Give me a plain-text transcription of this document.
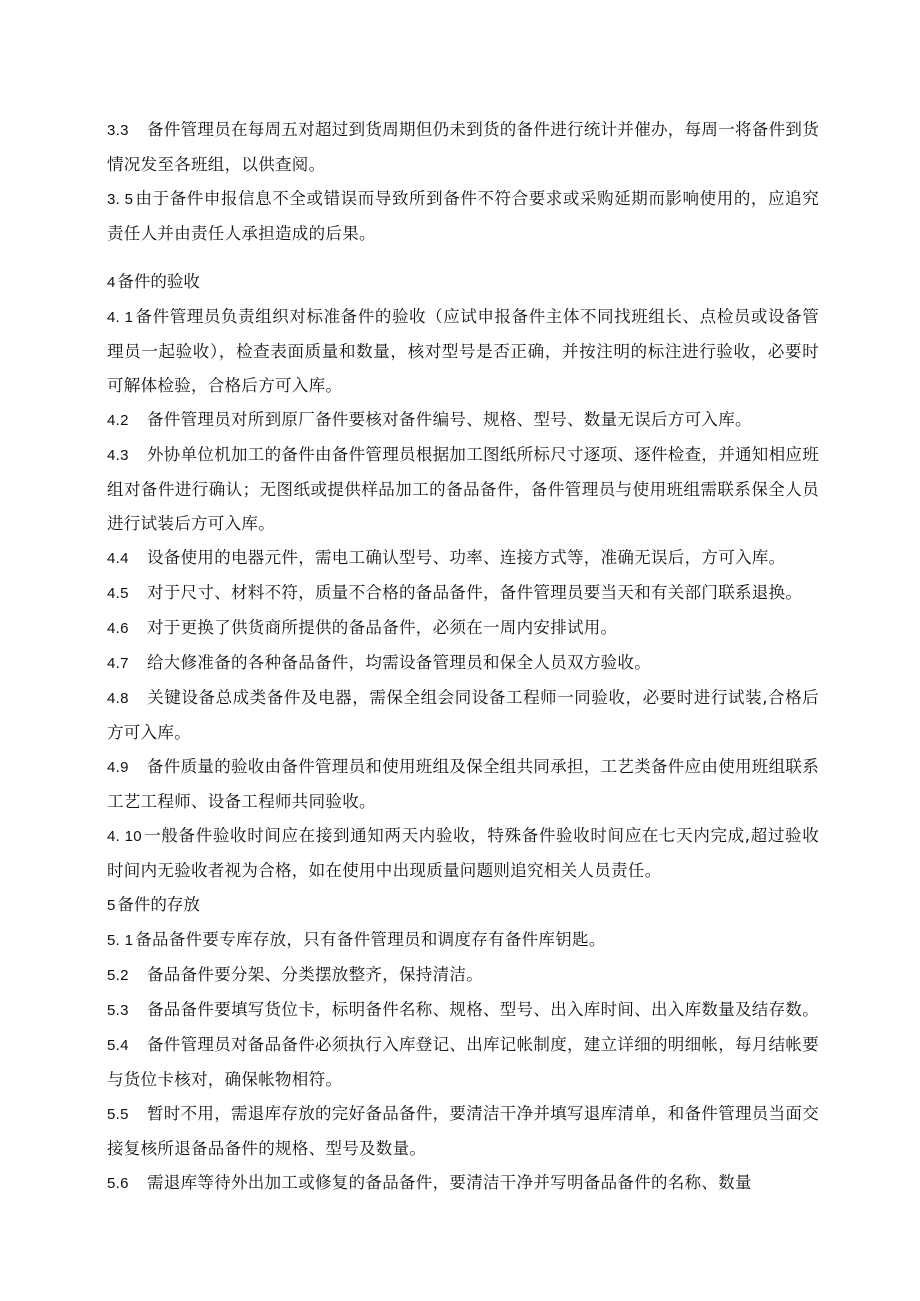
3.3 备件管理员在每周五对超过到货周期但仍未到货的备件进行统计并催办，每周一将备件到货情况发至各班组，以供查阅。

3. 5 由于备件申报信息不全或错误而导致所到备件不符合要求或采购延期而影响使用的，应追究责任人并由责任人承担造成的后果。

4 备件的验收

4. 1 备件管理员负责组织对标准备件的验收（应试申报备件主体不同找班组长、点检员或设备管理员一起验收），检查表面质量和数量，核对型号是否正确，并按注明的标注进行验收，必要时可解体检验，合格后方可入库。

4.2 备件管理员对所到原厂备件要核对备件编号、规格、型号、数量无误后方可入库。

4.3 外协单位机加工的备件由备件管理员根据加工图纸所标尺寸逐项、逐件检查，并通知相应班组对备件进行确认；无图纸或提供样品加工的备品备件，备件管理员与使用班组需联系保全人员进行试装后方可入库。

4.4 设备使用的电器元件，需电工确认型号、功率、连接方式等，准确无误后，方可入库。

4.5 对于尺寸、材料不符，质量不合格的备品备件，备件管理员要当天和有关部门联系退换。

4.6 对于更换了供货商所提供的备品备件，必须在一周内安排试用。

4.7 给大修准备的各种备品备件，均需设备管理员和保全人员双方验收。

4.8 关键设备总成类备件及电器，需保全组会同设备工程师一同验收，必要时进行试装,合格后方可入库。

4.9 备件质量的验收由备件管理员和使用班组及保全组共同承担，工艺类备件应由使用班组联系工艺工程师、设备工程师共同验收。

4. 10 一般备件验收时间应在接到通知两天内验收，特殊备件验收时间应在七天内完成,超过验收时间内无验收者视为合格，如在使用中出现质量问题则追究相关人员责任。

5 备件的存放

5. 1 备品备件要专库存放，只有备件管理员和调度存有备件库钥匙。

5.2 备品备件要分架、分类摆放整齐，保持清洁。

5.3 备品备件要填写货位卡，标明备件名称、规格、型号、出入库时间、出入库数量及结存数。

5.4 备件管理员对备品备件必须执行入库登记、出库记帐制度，建立详细的明细帐，每月结帐要与货位卡核对，确保帐物相符。

5.5 暂时不用，需退库存放的完好备品备件，要清洁干净并填写退库清单，和备件管理员当面交接复核所退备品备件的规格、型号及数量。

5.6 需退库等待外出加工或修复的备品备件，要清洁干净并写明备品备件的名称、数量
